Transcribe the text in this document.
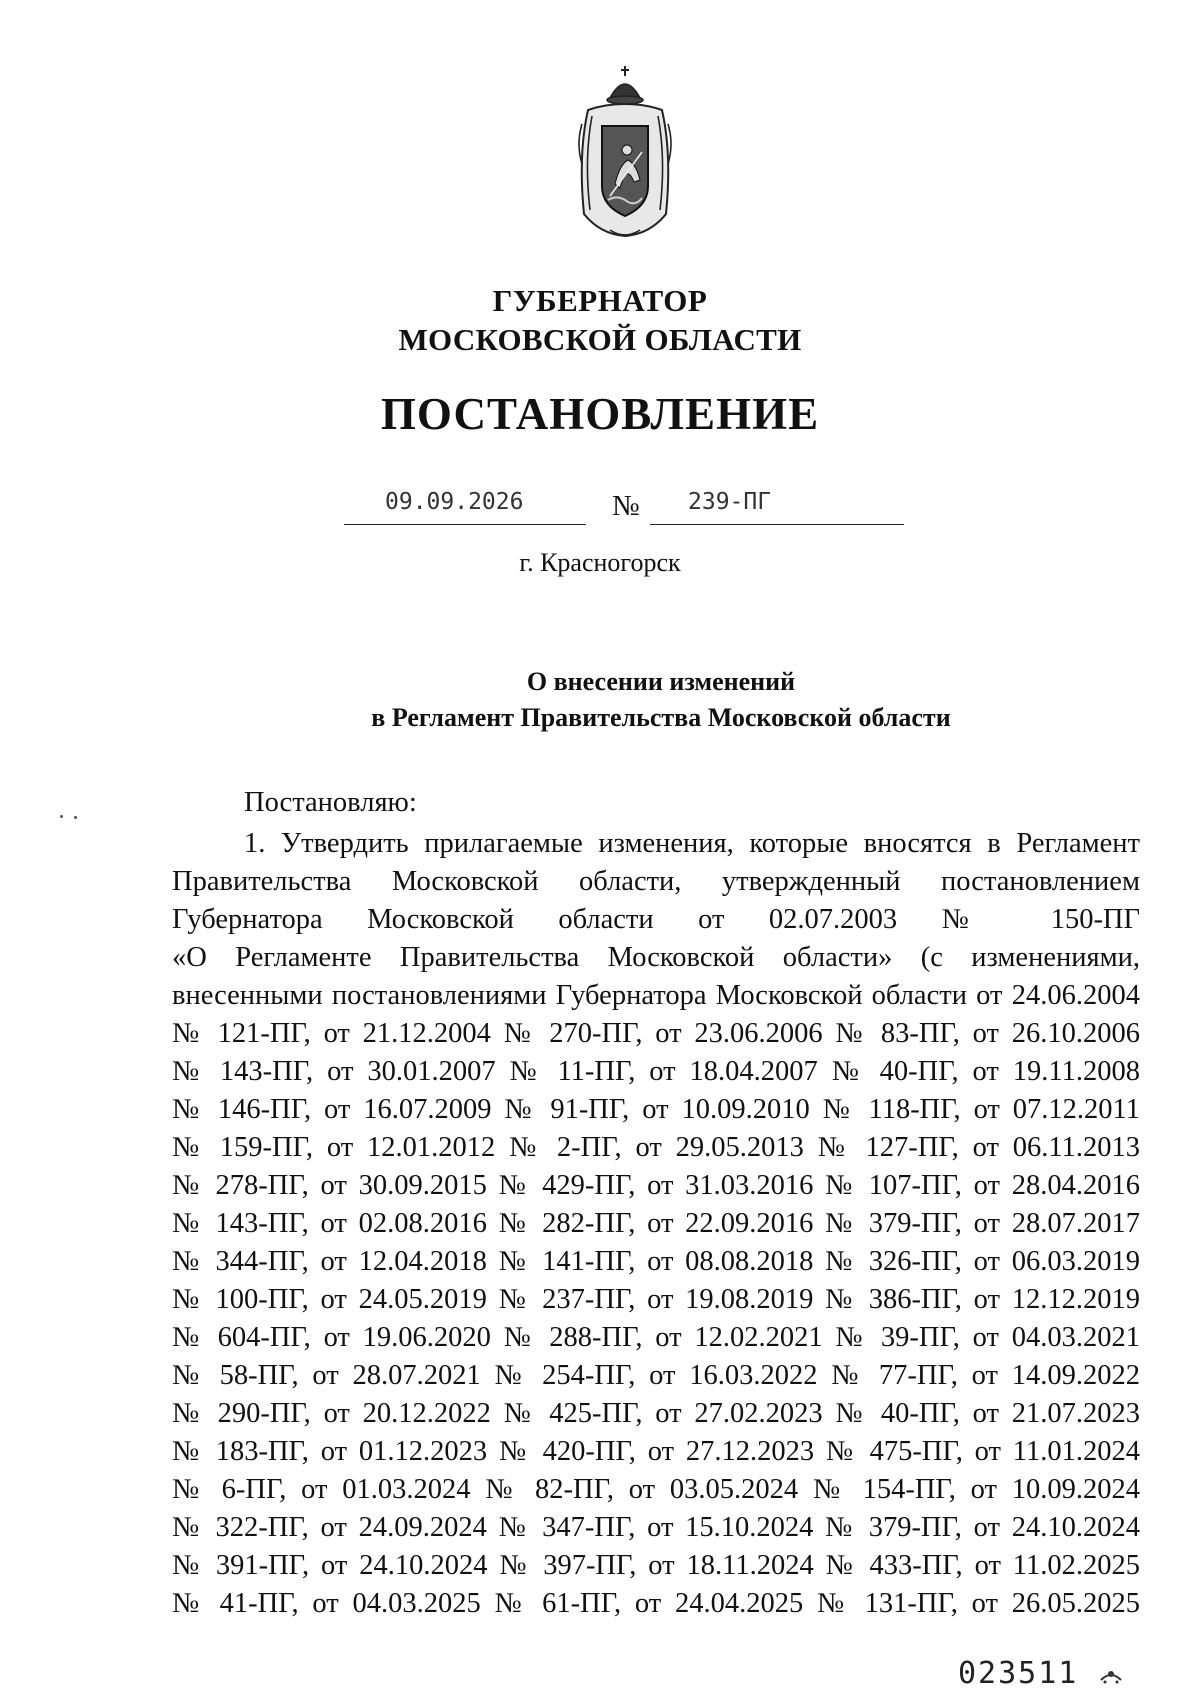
ГУБЕРНАТОР
МОСКОВСКОЙ ОБЛАСТИ
ПОСТАНОВЛЕНИЕ
09.09.2026	№ 239-ПГ
г. Красногорск
О внесении изменений
в Регламент Правительства Московской области
Постановляю:
1. Утвердить прилагаемые изменения, которые вносятся в Регламент
Правительства Московской области, утвержденный постановлением
Губернатора Московской области от 02.07.2003 № 150-ПГ
«О Регламенте Правительства Московской области» (с изменениями,
внесенными постановлениями Губернатора Московской области от 24.06.2004
№ 121-ПГ, от 21.12.2004 № 270-ПГ, от 23.06.2006 № 83-ПГ, от 26.10.2006
№ 143-ПГ, от 30.01.2007 № 11-ПГ, от 18.04.2007 № 40-ПГ, от 19.11.2008
№ 146-ПГ, от 16.07.2009 № 91-ПГ, от 10.09.2010 № 118-ПГ, от 07.12.2011
№ 159-ПГ, от 12.01.2012 № 2-ПГ, от 29.05.2013 № 127-ПГ, от 06.11.2013
№ 278-ПГ, от 30.09.2015 № 429-ПГ, от 31.03.2016 № 107-ПГ, от 28.04.2016
№ 143-ПГ, от 02.08.2016 № 282-ПГ, от 22.09.2016 № 379-ПГ, от 28.07.2017
№ 344-ПГ, от 12.04.2018 № 141-ПГ, от 08.08.2018 № 326-ПГ, от 06.03.2019
№ 100-ПГ, от 24.05.2019 № 237-ПГ, от 19.08.2019 № 386-ПГ, от 12.12.2019
№ 604-ПГ, от 19.06.2020 № 288-ПГ, от 12.02.2021 № 39-ПГ, от 04.03.2021
№ 58-ПГ, от 28.07.2021 № 254-ПГ, от 16.03.2022 № 77-ПГ, от 14.09.2022
№ 290-ПГ, от 20.12.2022 № 425-ПГ, от 27.02.2023 № 40-ПГ, от 21.07.2023
№ 183-ПГ, от 01.12.2023 № 420-ПГ, от 27.12.2023 № 475-ПГ, от 11.01.2024
№ 6-ПГ, от 01.03.2024 № 82-ПГ, от 03.05.2024 № 154-ПГ, от 10.09.2024
№ 322-ПГ, от 24.09.2024 № 347-ПГ, от 15.10.2024 № 379-ПГ, от 24.10.2024
№ 391-ПГ, от 24.10.2024 № 397-ПГ, от 18.11.2024 № 433-ПГ, от 11.02.2025
№ 41-ПГ, от 04.03.2025 № 61-ПГ, от 24.04.2025 № 131-ПГ, от 26.05.2025
023511
